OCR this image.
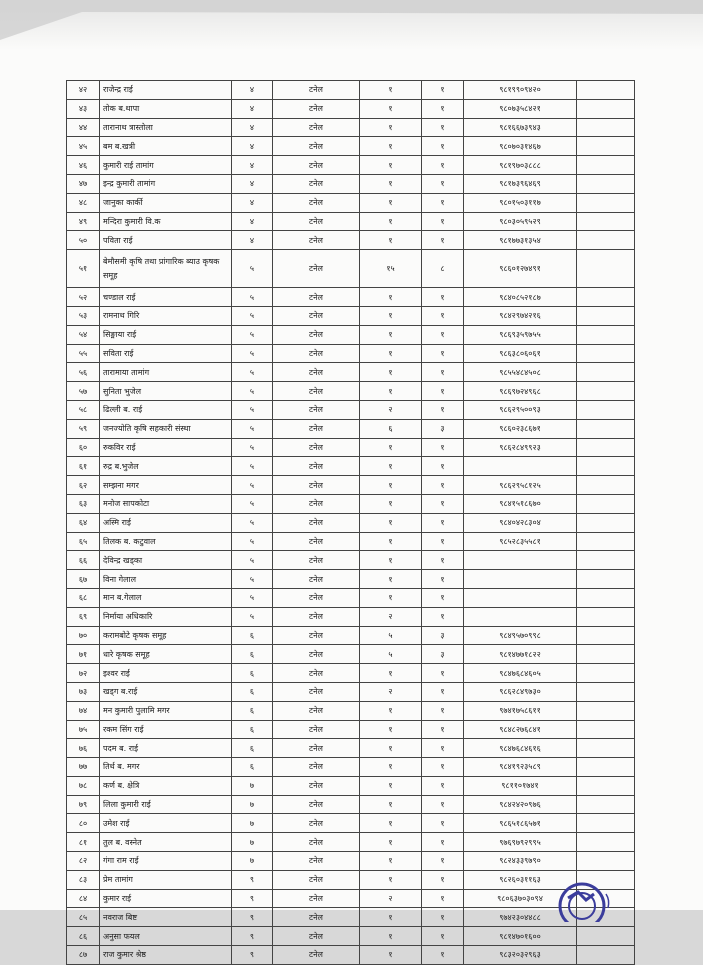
४२	राजेन्द्र राई	४	टनेल	१	१	९८१९९०९४२०	
४३	तोक ब.थापा	४	टनेल	१	१	९८०७३५८४२१	
४४	तारानाथ त्रास्तोला	४	टनेल	१	१	९८१६६७३९४३	
४५	बम ब.खत्री	४	टनेल	१	१	९८०७०३१४६७	
४६	कुमारी राई तामांग	४	टनेल	१	१	९८१९७०३८८८	
४७	इन्द्र कुमारी तामांग	४	टनेल	१	१	९८१७३९६४६९	
४८	जानुका कार्की	४	टनेल	१	१	९८०१५०३११७	
४९	मन्दिरा कुमारी वि.क	४	टनेल	१	१	९८०३०५९५२९	
५०	पविता राई	४	टनेल	१	१	९८१७७३१३५४	
५१	बेमौसमी कृषि तथा प्रांगारिक ब्याउ कृषक समूह	५	टनेल	१५	८	९८६०१२७४९१	
५२	चण्डाल राई	५	टनेल	१	१	९८४०८५२१८७	
५३	रामनाथ गिरि	५	टनेल	१	१	९८४२९७४२१६	
५४	सिङ्माया राई	५	टनेल	१	१	९८६९३५९७५५	
५५	सविता राई	५	टनेल	१	१	९८६३८०६०६१	
५६	तारामाया तामांग	५	टनेल	१	१	९८५५४८४५०८	
५७	सुनिता भुजेल	५	टनेल	१	१	९८६९७२४९६८	
५८	ढिल्ली ब. राई	५	टनेल	२	१	९८६२९५००९३	
५९	जनज्योति कृषि सहकारी संस्था	५	टनेल	६	३	९८६०२३८६७१	
६०	रुकविर राई	५	टनेल	१	१	९८६२८४९९२३	
६१	रुद्र ब.भुजेल	५	टनेल	१	१		
६२	सम्झना मगर	५	टनेल	१	१	९८६२९५८१२५	
६३	मनोज सापकोटा	५	टनेल	१	१	९८४१५१८६७०	
६४	अस्मि राई	५	टनेल	१	१	९८४०४२८३०४	
६५	तिलक ब. कटुवाल	५	टनेल	१	१	९८५२८३५५८१	
६६	देविन्द्र खड्का	५	टनेल	१	१		
६७	विना गेलाल	५	टनेल	१	१		
६८	मान ब.गेलाल	५	टनेल	१	१		
६९	निर्माया अधिकारि	५	टनेल	२	१		
७०	करामबोटे कृषक समूह	६	टनेल	५	३	९८४९५७०९९८	
७१	धारे कृषक समूह	६	टनेल	५	३	९८१४७७१८२२	
७२	इश्वर राई	६	टनेल	१	१	९८४७६८४६०५	
७३	खड्ग ब.राई	६	टनेल	२	१	९८६२८४९७३०	
७४	मन कुमारी पुलामि मगर	६	टनेल	१	१	९७४१७५८६११	
७५	रकम सिंग राई	६	टनेल	१	१	९८४८२७६८४१	
७६	पदम ब. राई	६	टनेल	१	१	९८४७६८४६१६	
७७	तिर्थ ब. मगर	६	टनेल	१	१	९८४१९२३५८९	
७८	कर्ण ब. क्षेत्रि	७	टनेल	१	१	९८११०१७४१	
७९	लिला कुमारी राई	७	टनेल	१	१	९८४२४२०९७६	
८०	उमेश राई	७	टनेल	१	१	९८६५१८६५७१	
८१	तुल ब. वस्नेत	७	टनेल	१	१	९७६९७९२९९५	
८२	गंगा राम राई	७	टनेल	१	१	९८२४३३९७९०	
८३	प्रेम तामांग	९	टनेल	१	१	९८२६०३११६३	
८४	कुमार राई	९	टनेल	२	१	९८०६३७०३०९४	
८५	नवराज बिष्ट	९	टनेल	१	१	९७४२३०४४८८	
८६	अनुसा फयल	९	टनेल	१	१	९८१४७०१६००	
८७	राज कुमार श्रेष्ठ	९	टनेल	१	१	९८३२०३२९६३	
